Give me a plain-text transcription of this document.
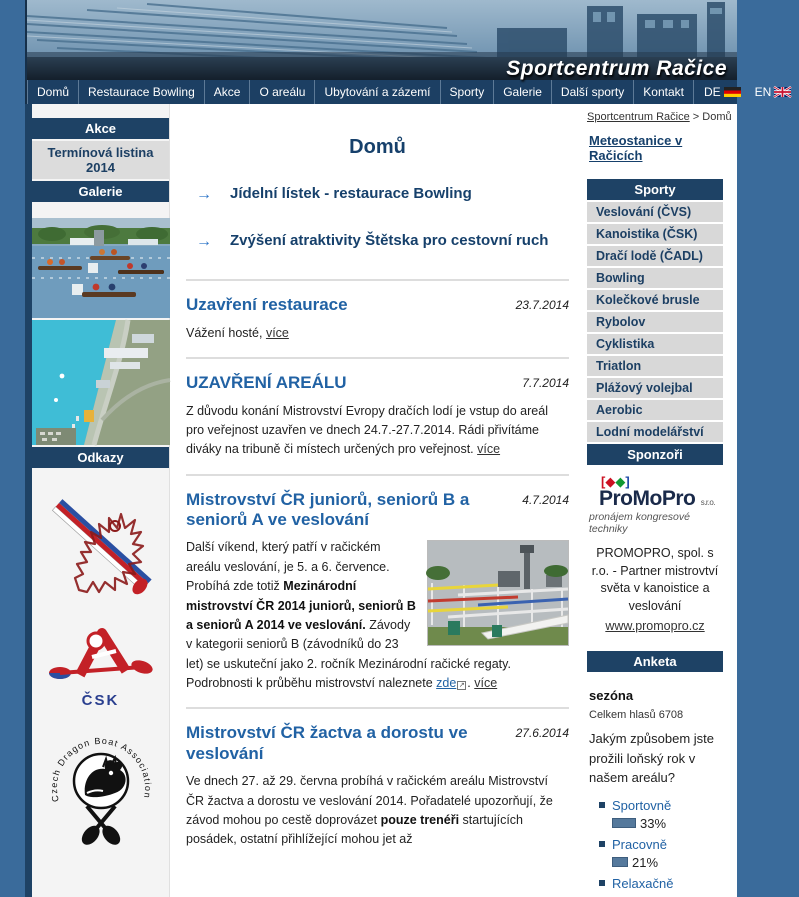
Sportcentrum Račice
Domů	Restaurace Bowling	Akce	O areálu	Ubytování a zázemí	Sporty	Galerie	Další sporty	Kontakt	DE	EN
Akce
Termínová listina 2014
Galerie
Odkazy
ČSK
Czech Dragon Boat Association
Domů
→ Jídelní lístek - restaurace Bowling
→ Zvýšení atraktivity Štětska pro cestovní ruch
Uzavření restaurace	23.7.2014
Vážení hosté, více
UZAVŘENÍ AREÁLU	7.7.2014
Z důvodu konání Mistrovství Evropy dračích lodí je vstup do areál pro veřejnost uzavřen ve dnech 24.7.-27.7.2014. Rádi přivítáme diváky na tribuně či místech určených pro veřejnost. více
Mistrovství ČR juniorů, seniorů B a seniorů A ve veslování
4.7.2014
Další víkend, který patří v račickém areálu veslování, je 5. a 6. července. Probíhá zde totiž Mezinárodní mistrovství ČR 2014 juniorů, seniorů B a seniorů A 2014 ve veslování. Závody v kategorii seniorů B (závodníků do 23 let) se uskuteční jako 2. ročník Mezinárodní račické regaty. Podrobnosti k průběhu mistrovství naleznete zde ↗ . více
Mistrovství ČR žactva a dorostu ve veslování
27.6.2014
Ve dnech 27. až 29. června probíhá v račickém areálu Mistrovství ČR žactva a dorostu ve veslování 2014. Pořadatelé upozorňují, že závod mohou po cestě doprovázet pouze trenéři startujících posádek, ostatní přihlížející mohou jet až
Sportcentrum Račice > Domů
Meteostanice v Račicích
Sporty
Veslování (ČVS)
Kanoistika (ČSK)
Dračí lodě (ČADL)
Bowling
Kolečkové brusle
Rybolov
Cyklistika
Triatlon
Plážový volejbal
Aerobic
Lodní modelářství
Sponzoři
[◆◆]
ProMoPro s.r.o.
pronájem kongresové techniky
PROMOPRO, spol. s r.o. - Partner mistrovtví světa v kanoistice a veslování
www.promopro.cz
Anketa
sezóna
Celkem hlasů 6708
Jakým způsobem jste prožili loňský rok v našem areálu?
Sportovně
33%
Pracovně
21%
Relaxačně
